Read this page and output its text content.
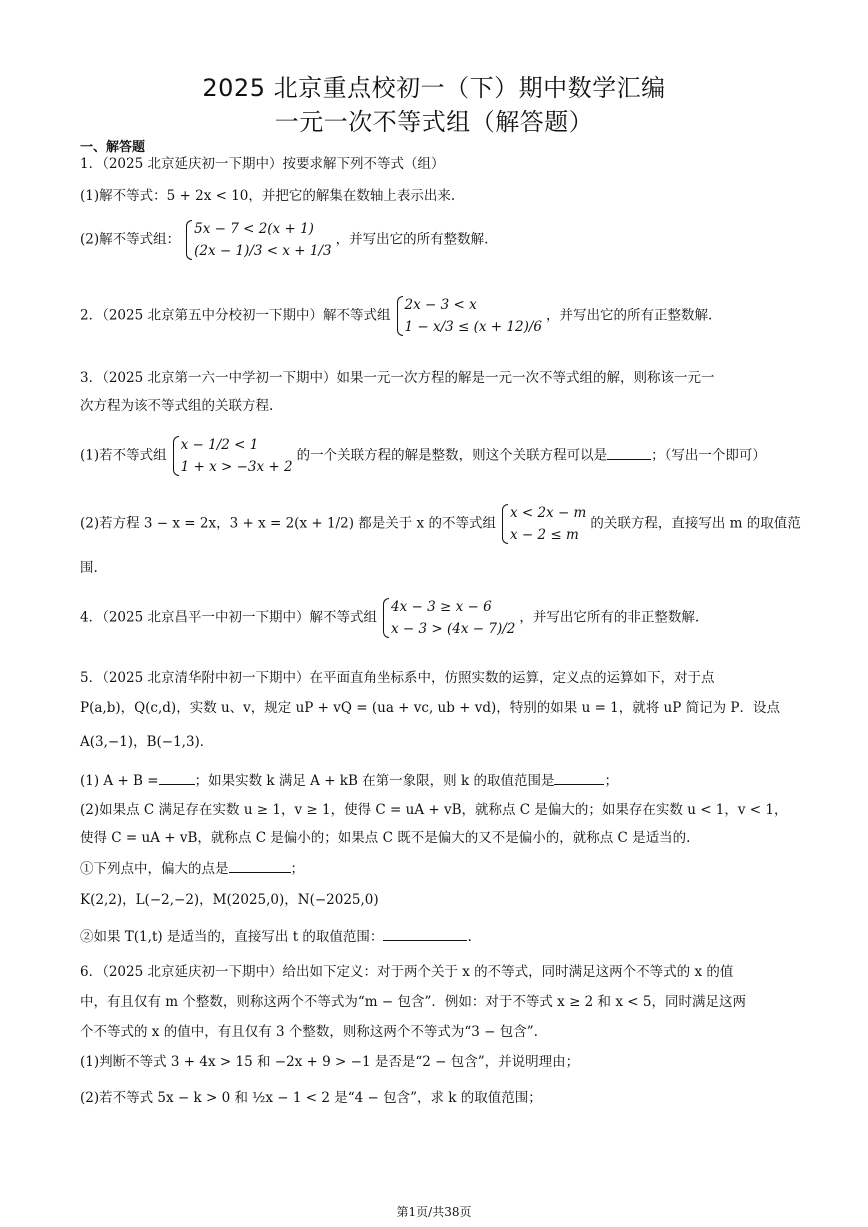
2025 北京重点校初一（下）期中数学汇编
一元一次不等式组（解答题）
一、解答题
1．（2025 北京延庆初一下期中）按要求解下列不等式（组）
(1)解不等式：5 + 2x < 10，并把它的解集在数轴上表示出来.
(2)解不等式组：
5x − 7 < 2(x + 1)
(2x − 1)/3 < x + 1/3
，并写出它的所有整数解.
2．（2025 北京第五中分校初一下期中）解不等式组
2x − 3 < x
1 − x/3 ≤ (x + 12)/6
，并写出它的所有正整数解.
3．（2025 北京第一六一中学初一下期中）如果一元一次方程的解是一元一次不等式组的解，则称该一元一
次方程为该不等式组的关联方程.
(1)若不等式组
x − 1/2 < 1
1 + x > −3x + 2
的一个关联方程的解是整数，则这个关联方程可以是	；（写出一个即可）
(2)若方程 3 − x = 2x，3 + x = 2(x + 1/2) 都是关于 x 的不等式组
x < 2x − m
x − 2 ≤ m
的关联方程，直接写出 m 的取值范
围.
4．（2025 北京昌平一中初一下期中）解不等式组
4x − 3 ≥ x − 6
x − 3 > (4x − 7)/2
，并写出它所有的非正整数解.
5．（2025 北京清华附中初一下期中）在平面直角坐标系中，仿照实数的运算，定义点的运算如下，对于点
P(a,b)，Q(c,d)，实数 u、v，规定 uP + vQ = (ua + vc, ub + vd)，特别的如果 u = 1，就将 uP 简记为 P．设点
A(3,−1)，B(−1,3)．
(1) A + B =	；如果实数 k 满足 A + kB 在第一象限，则 k 的取值范围是	；
(2)如果点 C 满足存在实数 u ≥ 1，v ≥ 1，使得 C = uA + vB，就称点 C 是偏大的；如果存在实数 u < 1，v < 1，
使得 C = uA + vB，就称点 C 是偏小的；如果点 C 既不是偏大的又不是偏小的，就称点 C 是适当的.
①下列点中，偏大的点是	；
K(2,2)，L(−2,−2)，M(2025,0)，N(−2025,0)
②如果 T(1,t) 是适当的，直接写出 t 的取值范围：	.
6．（2025 北京延庆初一下期中）给出如下定义：对于两个关于 x 的不等式，同时满足这两个不等式的 x 的值
中，有且仅有 m 个整数，则称这两个不等式为“m − 包含”．例如：对于不等式 x ≥ 2 和 x < 5，同时满足这两
个不等式的 x 的值中，有且仅有 3 个整数，则称这两个不等式为“3 − 包含”.
(1)判断不等式 3 + 4x > 15 和 −2x + 9 > −1 是否是“2 − 包含”，并说明理由；
(2)若不等式 5x − k > 0 和 ½x − 1 < 2 是“4 − 包含”，求 k 的取值范围；
第1页/共38页
